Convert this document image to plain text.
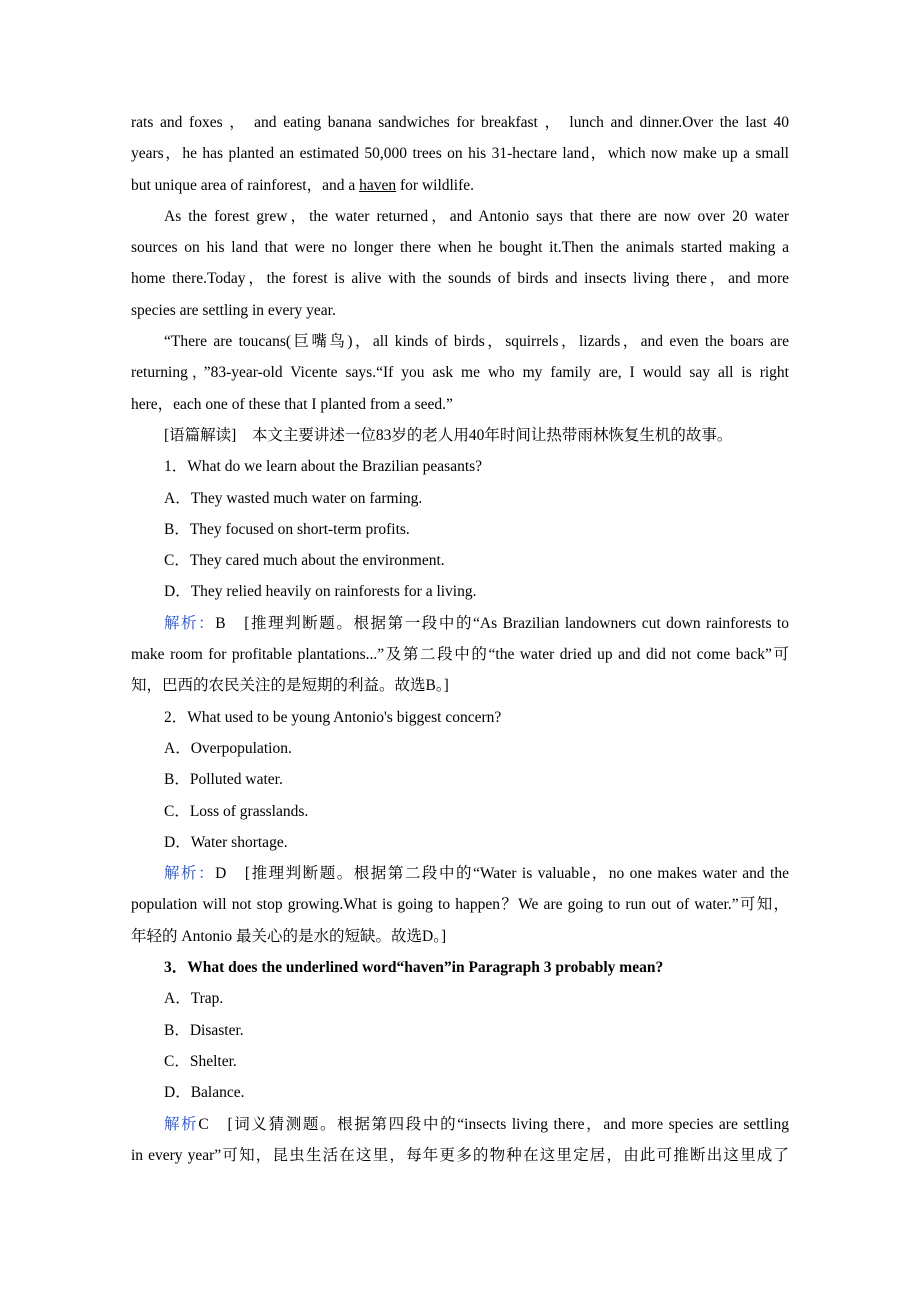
rats and foxes ， and eating banana sandwiches for breakfast ， lunch and dinner.Over the last 40
years，he has planted an estimated 50,000 trees on his 31-hectare land，which now make up a small
but unique area of rainforest，and a haven for wildlife.
As the forest grew，the water returned，and Antonio says that there are now over 20 water
sources on his land that were no longer there when he bought it.Then the animals started making a
home there.Today，the forest is alive with the sounds of birds and insects living there，and more
species are settling in every year.
“There are toucans(巨嘴鸟)，all kinds of birds，squirrels，lizards，and even the boars are
returning，”83-year-old Vicente says.“If you ask me who my family are, I would say all is right
here，each one of these that I planted from a seed.”
[语篇解读]　本文主要讲述一位83岁的老人用40年时间让热带雨林恢复生机的故事。
1．What do we learn about the Brazilian peasants?
A．They wasted much water on farming.
B．They focused on short-term profits.
C．They cared much about the environment.
D．They relied heavily on rainforests for a living.
解析：B　[推理判断题。根据第一段中的“As Brazilian landowners cut down rainforests to
make room for profitable plantations...”及第二段中的“the water dried up and did not come back”可
知，巴西的农民关注的是短期的利益。故选B。]
2．What used to be young Antonio's biggest concern?
A．Overpopulation.
B．Polluted water.
C．Loss of grasslands.
D．Water shortage.
解析：D　[推理判断题。根据第二段中的“Water is valuable，no one makes water and the
population will not stop growing.What is going to happen？We are going to run out of water.”可知，
年轻的 Antonio 最关心的是水的短缺。故选D。]
3．What does the underlined word“haven”in Paragraph 3 probably mean?
A．Trap.
B．Disaster.
C．Shelter.
D．Balance.
解析C　[词义猜测题。根据第四段中的“insects living there，and more species are settling
in every year”可知，昆虫生活在这里，每年更多的物种在这里定居，由此可推断出这里成了
